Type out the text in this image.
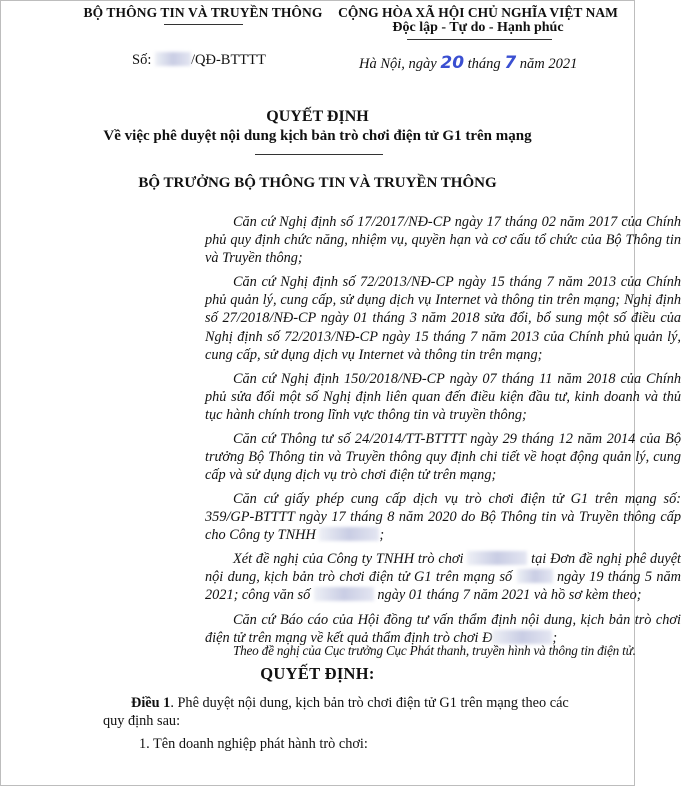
BỘ THÔNG TIN VÀ TRUYỀN THÔNG	CỘNG HÒA XÃ HỘI CHỦ NGHĨA VIỆT NAM
Độc lập - Tự do - Hạnh phúc
Số:	/QĐ-BTTTT	Hà Nội, ngày 20 tháng 7 năm 2021
QUYẾT ĐỊNH
Về việc phê duyệt nội dung kịch bản trò chơi điện tử G1 trên mạng
BỘ TRƯỞNG BỘ THÔNG TIN VÀ TRUYỀN THÔNG

Căn cứ Nghị định số 17/2017/NĐ-CP ngày 17 tháng 02 năm 2017 của Chính phủ quy định chức năng, nhiệm vụ, quyền hạn và cơ cấu tổ chức của Bộ Thông tin và Truyền thông;

Căn cứ Nghị định số 72/2013/NĐ-CP ngày 15 tháng 7 năm 2013 của Chính phủ quản lý, cung cấp, sử dụng dịch vụ Internet và thông tin trên mạng; Nghị định số 27/2018/NĐ-CP ngày 01 tháng 3 năm 2018 sửa đổi, bổ sung một số điều của Nghị định số 72/2013/NĐ-CP ngày 15 tháng 7 năm 2013 của Chính phủ quản lý, cung cấp, sử dụng dịch vụ Internet và thông tin trên mạng;

Căn cứ Nghị định 150/2018/NĐ-CP ngày 07 tháng 11 năm 2018 của Chính phủ sửa đổi một số Nghị định liên quan đến điều kiện đầu tư, kinh doanh và thủ tục hành chính trong lĩnh vực thông tin và truyền thông;

Căn cứ Thông tư số 24/2014/TT-BTTTT ngày 29 tháng 12 năm 2014 của Bộ trưởng Bộ Thông tin và Truyền thông quy định chi tiết về hoạt động quản lý, cung cấp và sử dụng dịch vụ trò chơi điện tử trên mạng;

Căn cứ giấy phép cung cấp dịch vụ trò chơi điện tử G1 trên mạng số: 359/GP-BTTTT ngày 17 tháng 8 năm 2020 do Bộ Thông tin và Truyền thông cấp cho Công ty TNHH	;

Xét đề nghị của Công ty TNHH trò chơi	tại Đơn đề nghị phê duyệt nội dung, kịch bản trò chơi điện tử G1 trên mạng số	ngày 19 tháng 5 năm 2021; công văn số	ngày 01 tháng 7 năm 2021 và hồ sơ kèm theo;

Căn cứ Báo cáo của Hội đồng tư vấn thẩm định nội dung, kịch bản trò chơi điện tử trên mạng về kết quả thẩm định trò chơi Đ	;

Theo đề nghị của Cục trưởng Cục Phát thanh, truyền hình và thông tin điện tử.

QUYẾT ĐỊNH:
Điều 1. Phê duyệt nội dung, kịch bản trò chơi điện tử G1 trên mạng theo các quy định sau:
1. Tên doanh nghiệp phát hành trò chơi:
